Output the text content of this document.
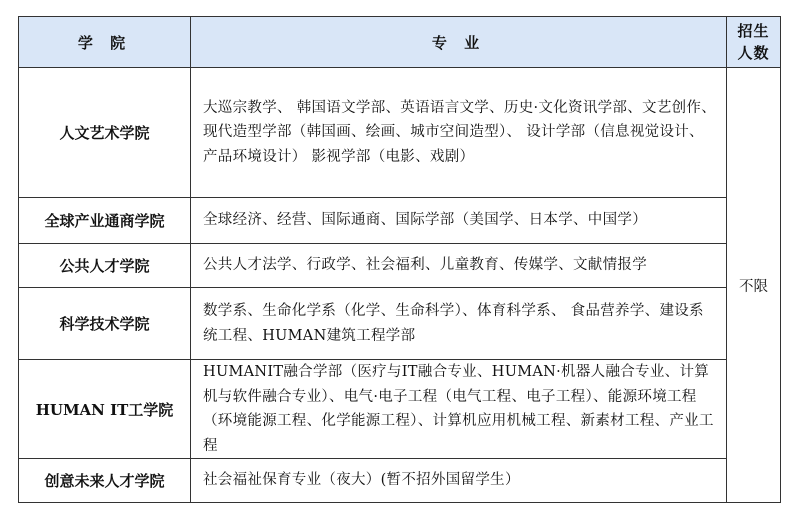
学 院	专 业	招生
人数
人文艺术学院	大巡宗教学、 韩国语文学部、英语语言文学、历史·文化资讯学部、文艺创作、 现代造型学部（韩国画、绘画、城市空间造型）、 设计学部（信息视觉设计、产品环境设计） 影视学部（电影、戏剧）	不限
全球产业通商学院	全球经济、经营、国际通商、国际学部（美国学、日本学、中国学）	
公共人才学院	公共人才法学、行政学、社会福利、儿童教育、传媒学、文献情报学	
科学技术学院	数学系、生命化学系（化学、生命科学）、体育科学系、 食品营养学、建设系统工程、HUMAN建筑工程学部	
HUMAN IT工学院	HUMANIT融合学部（医疗与IT融合专业、HUMAN·机器人融合专业、计算机与软件融合专业）、电气·电子工程（电气工程、电子工程）、能源环境工程（环境能源工程、化学能源工程）、计算机应用机械工程、新素材工程、产业工程	
创意未来人才学院	社会福祉保育专业（夜大）(暂不招外国留学生）	
